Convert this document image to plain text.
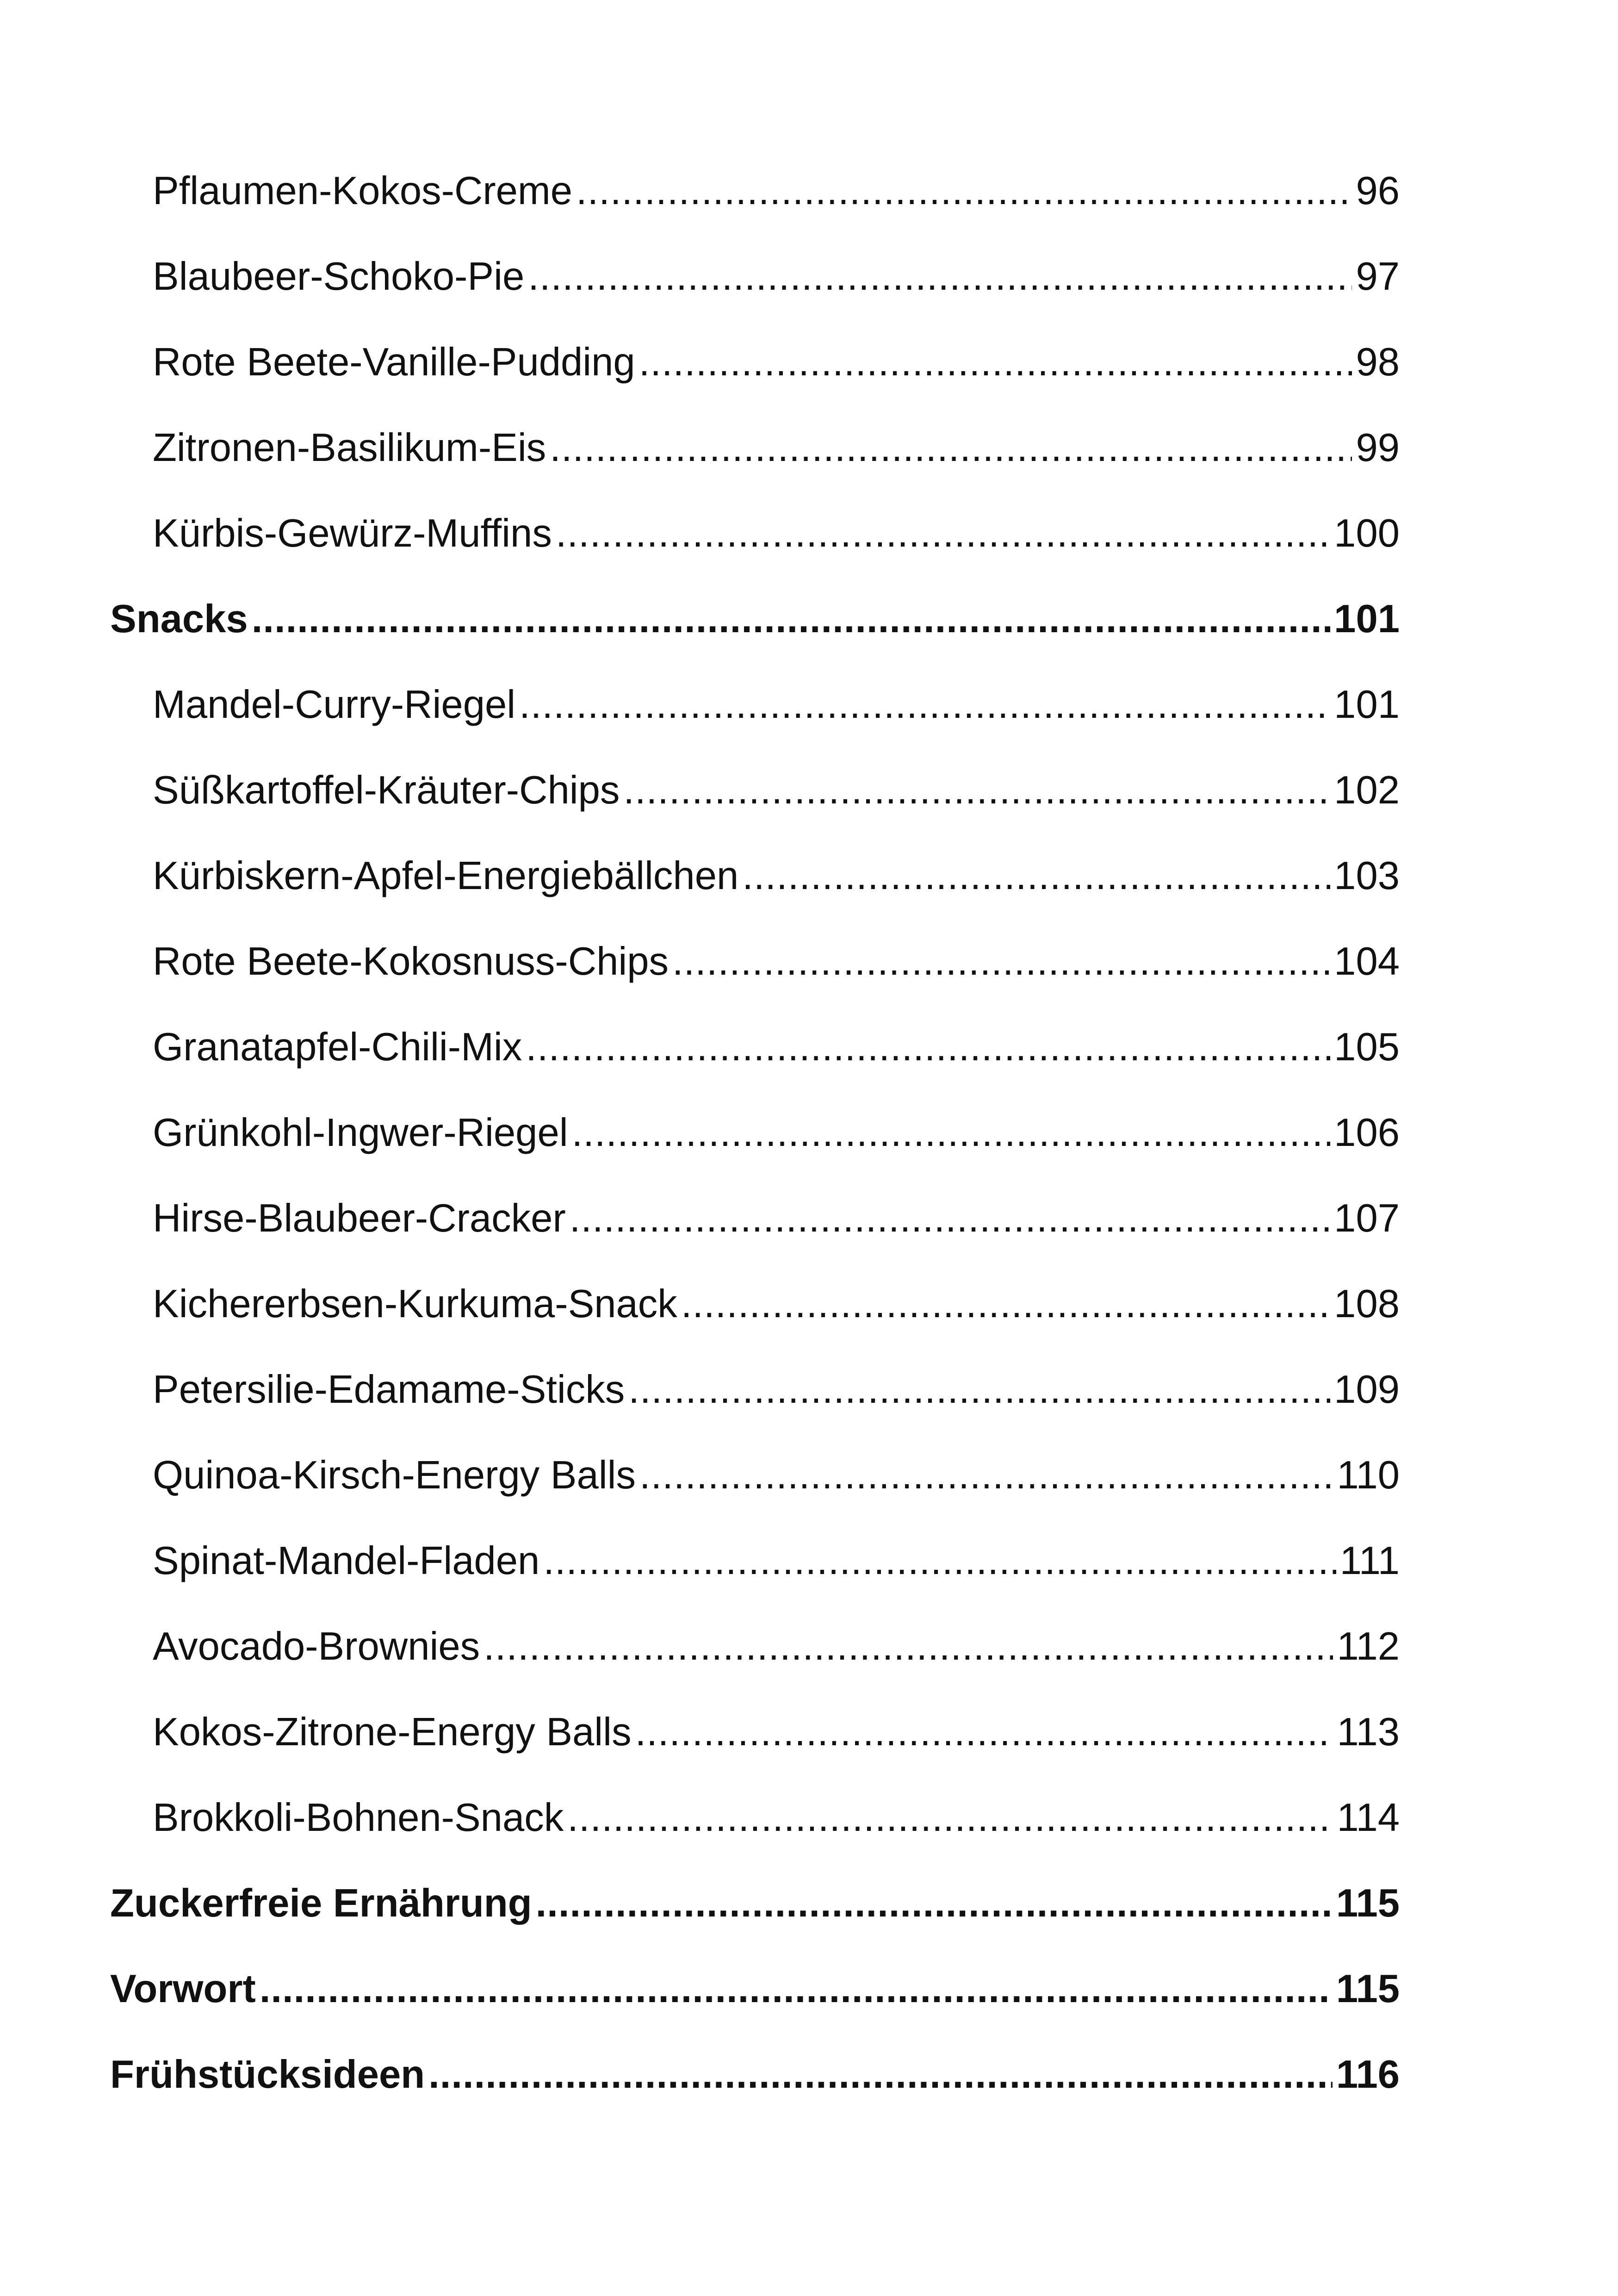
Pflaumen-Kokos-Creme .....	96
Blaubeer-Schoko-Pie .....	97
Rote Beete-Vanille-Pudding .....	98
Zitronen-Basilikum-Eis .....	99
Kürbis-Gewürz-Muffins .....	100
Snacks .....	101
Mandel-Curry-Riegel .....	101
Süßkartoffel-Kräuter-Chips .....	102
Kürbiskern-Apfel-Energiebällchen .....	103
Rote Beete-Kokosnuss-Chips .....	104
Granatapfel-Chili-Mix .....	105
Grünkohl-Ingwer-Riegel .....	106
Hirse-Blaubeer-Cracker .....	107
Kichererbsen-Kurkuma-Snack .....	108
Petersilie-Edamame-Sticks .....	109
Quinoa-Kirsch-Energy Balls .....	110
Spinat-Mandel-Fladen .....	111
Avocado-Brownies .....	112
Kokos-Zitrone-Energy Balls .....	113
Brokkoli-Bohnen-Snack .....	114
Zuckerfreie Ernährung .....	115
Vorwort .....	115
Frühstücksideen .....	116
